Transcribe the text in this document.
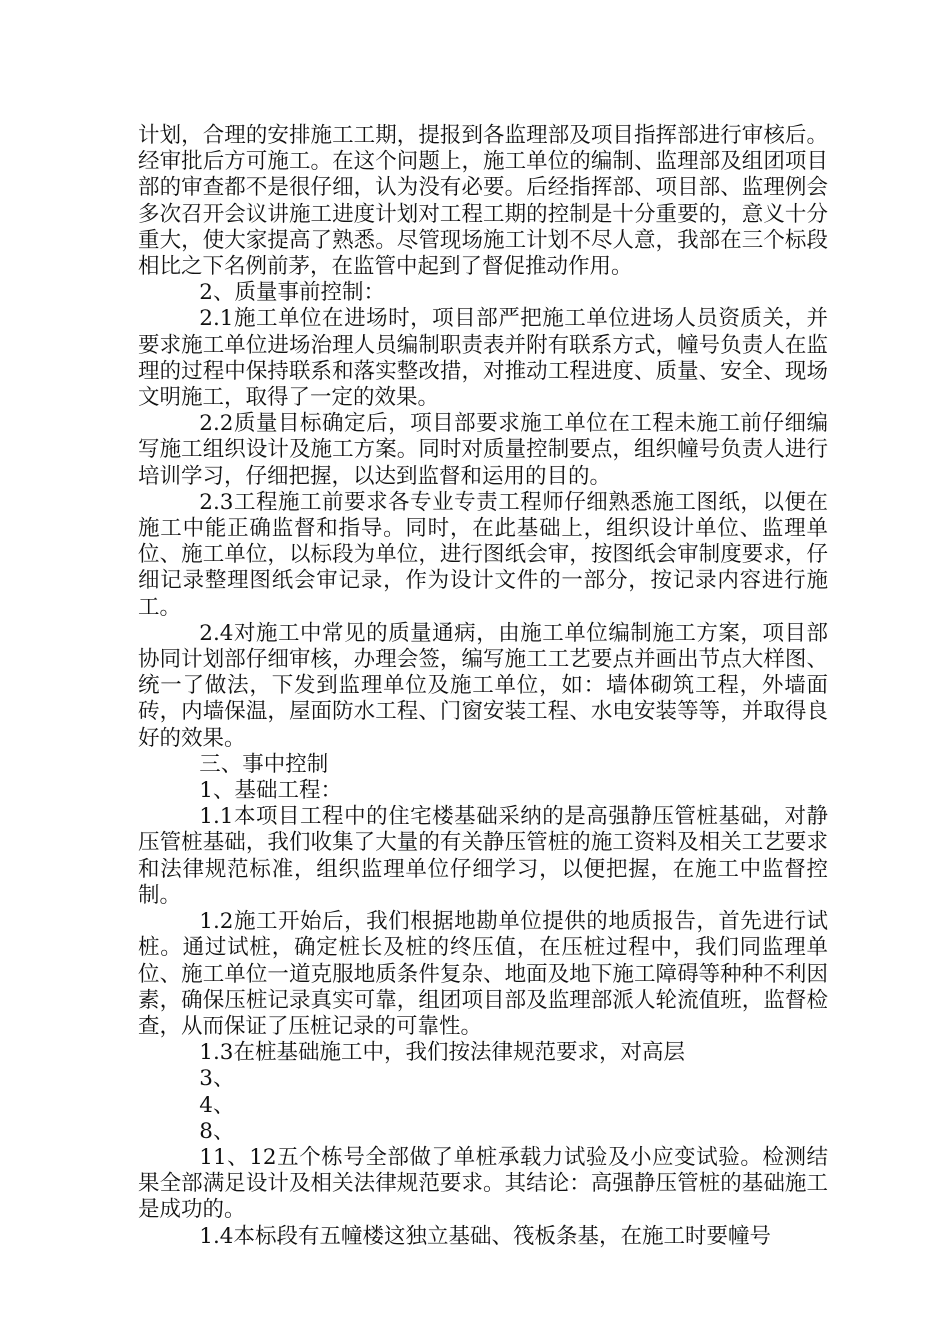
计划，合理的安排施工工期，提报到各监理部及项目指挥部进行审核后。经审批后方可施工。在这个问题上，施工单位的编制、监理部及组团项目部的审查都不是很仔细，认为没有必要。后经指挥部、项目部、监理例会多次召开会议讲施工进度计划对工程工期的控制是十分重要的，意义十分重大，使大家提高了熟悉。尽管现场施工计划不尽人意，我部在三个标段相比之下名例前茅，在监管中起到了督促推动作用。

2、质量事前控制：

2.1施工单位在进场时，项目部严把施工单位进场人员资质关，并要求施工单位进场治理人员编制职责表并附有联系方式，幢号负责人在监理的过程中保持联系和落实整改措，对推动工程进度、质量、安全、现场文明施工，取得了一定的效果。

2.2质量目标确定后，项目部要求施工单位在工程未施工前仔细编写施工组织设计及施工方案。同时对质量控制要点，组织幢号负责人进行培训学习，仔细把握，以达到监督和运用的目的。

2.3工程施工前要求各专业专责工程师仔细熟悉施工图纸，以便在施工中能正确监督和指导。同时，在此基础上，组织设计单位、监理单位、施工单位，以标段为单位，进行图纸会审，按图纸会审制度要求，仔细记录整理图纸会审记录，作为设计文件的一部分，按记录内容进行施工。

2.4对施工中常见的质量通病，由施工单位编制施工方案，项目部协同计划部仔细审核，办理会签，编写施工工艺要点并画出节点大样图、统一了做法，下发到监理单位及施工单位，如：墙体砌筑工程，外墙面砖，内墙保温，屋面防水工程、门窗安装工程、水电安装等等，并取得良好的效果。

三、事中控制

1、基础工程：

1.1本项目工程中的住宅楼基础采纳的是高强静压管桩基础，对静压管桩基础，我们收集了大量的有关静压管桩的施工资料及相关工艺要求和法律规范标准，组织监理单位仔细学习，以便把握，在施工中监督控制。

1.2施工开始后，我们根据地勘单位提供的地质报告，首先进行试桩。通过试桩，确定桩长及桩的终压值，在压桩过程中，我们同监理单位、施工单位一道克服地质条件复杂、地面及地下施工障碍等种种不利因素，确保压桩记录真实可靠，组团项目部及监理部派人轮流值班，监督检查，从而保证了压桩记录的可靠性。

1.3在桩基础施工中，我们按法律规范要求，对高层

3、

4、

8、

11、12五个栋号全部做了单桩承载力试验及小应变试验。检测结果全部满足设计及相关法律规范要求。其结论：高强静压管桩的基础施工是成功的。

1.4本标段有五幢楼这独立基础、筏板条基，在施工时要幢号
